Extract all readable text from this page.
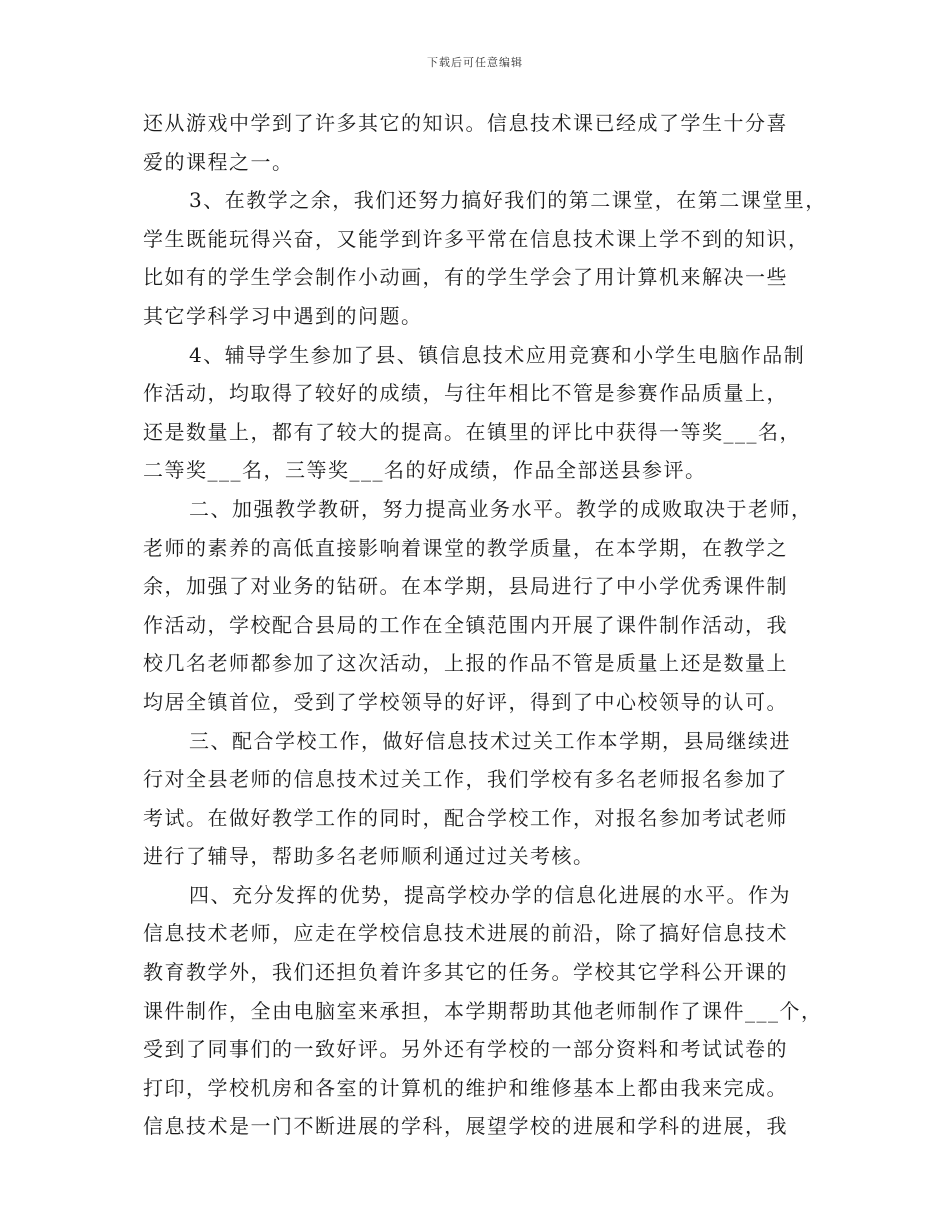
下载后可任意编辑
还从游戏中学到了许多其它的知识。信息技术课已经成了学生十分喜
爱的课程之一。
3、在教学之余，我们还努力搞好我们的第二课堂，在第二课堂里，
学生既能玩得兴奋，又能学到许多平常在信息技术课上学不到的知识，
比如有的学生学会制作小动画，有的学生学会了用计算机来解决一些
其它学科学习中遇到的问题。
4、辅导学生参加了县、镇信息技术应用竞赛和小学生电脑作品制
作活动，均取得了较好的成绩，与往年相比不管是参赛作品质量上，
还是数量上，都有了较大的提高。在镇里的评比中获得一等奖___名，
二等奖___名，三等奖___名的好成绩，作品全部送县参评。
二、加强教学教研，努力提高业务水平。教学的成败取决于老师，
老师的素养的高低直接影响着课堂的教学质量，在本学期，在教学之
余，加强了对业务的钻研。在本学期，县局进行了中小学优秀课件制
作活动，学校配合县局的工作在全镇范围内开展了课件制作活动，我
校几名老师都参加了这次活动，上报的作品不管是质量上还是数量上
均居全镇首位，受到了学校领导的好评，得到了中心校领导的认可。
三、配合学校工作，做好信息技术过关工作本学期，县局继续进
行对全县老师的信息技术过关工作，我们学校有多名老师报名参加了
考试。在做好教学工作的同时，配合学校工作，对报名参加考试老师
进行了辅导，帮助多名老师顺利通过过关考核。
四、充分发挥的优势，提高学校办学的信息化进展的水平。作为
信息技术老师，应走在学校信息技术进展的前沿，除了搞好信息技术
教育教学外，我们还担负着许多其它的任务。学校其它学科公开课的
课件制作，全由电脑室来承担，本学期帮助其他老师制作了课件___个，
受到了同事们的一致好评。另外还有学校的一部分资料和考试试卷的
打印，学校机房和各室的计算机的维护和维修基本上都由我来完成。
信息技术是一门不断进展的学科，展望学校的进展和学科的进展，我
